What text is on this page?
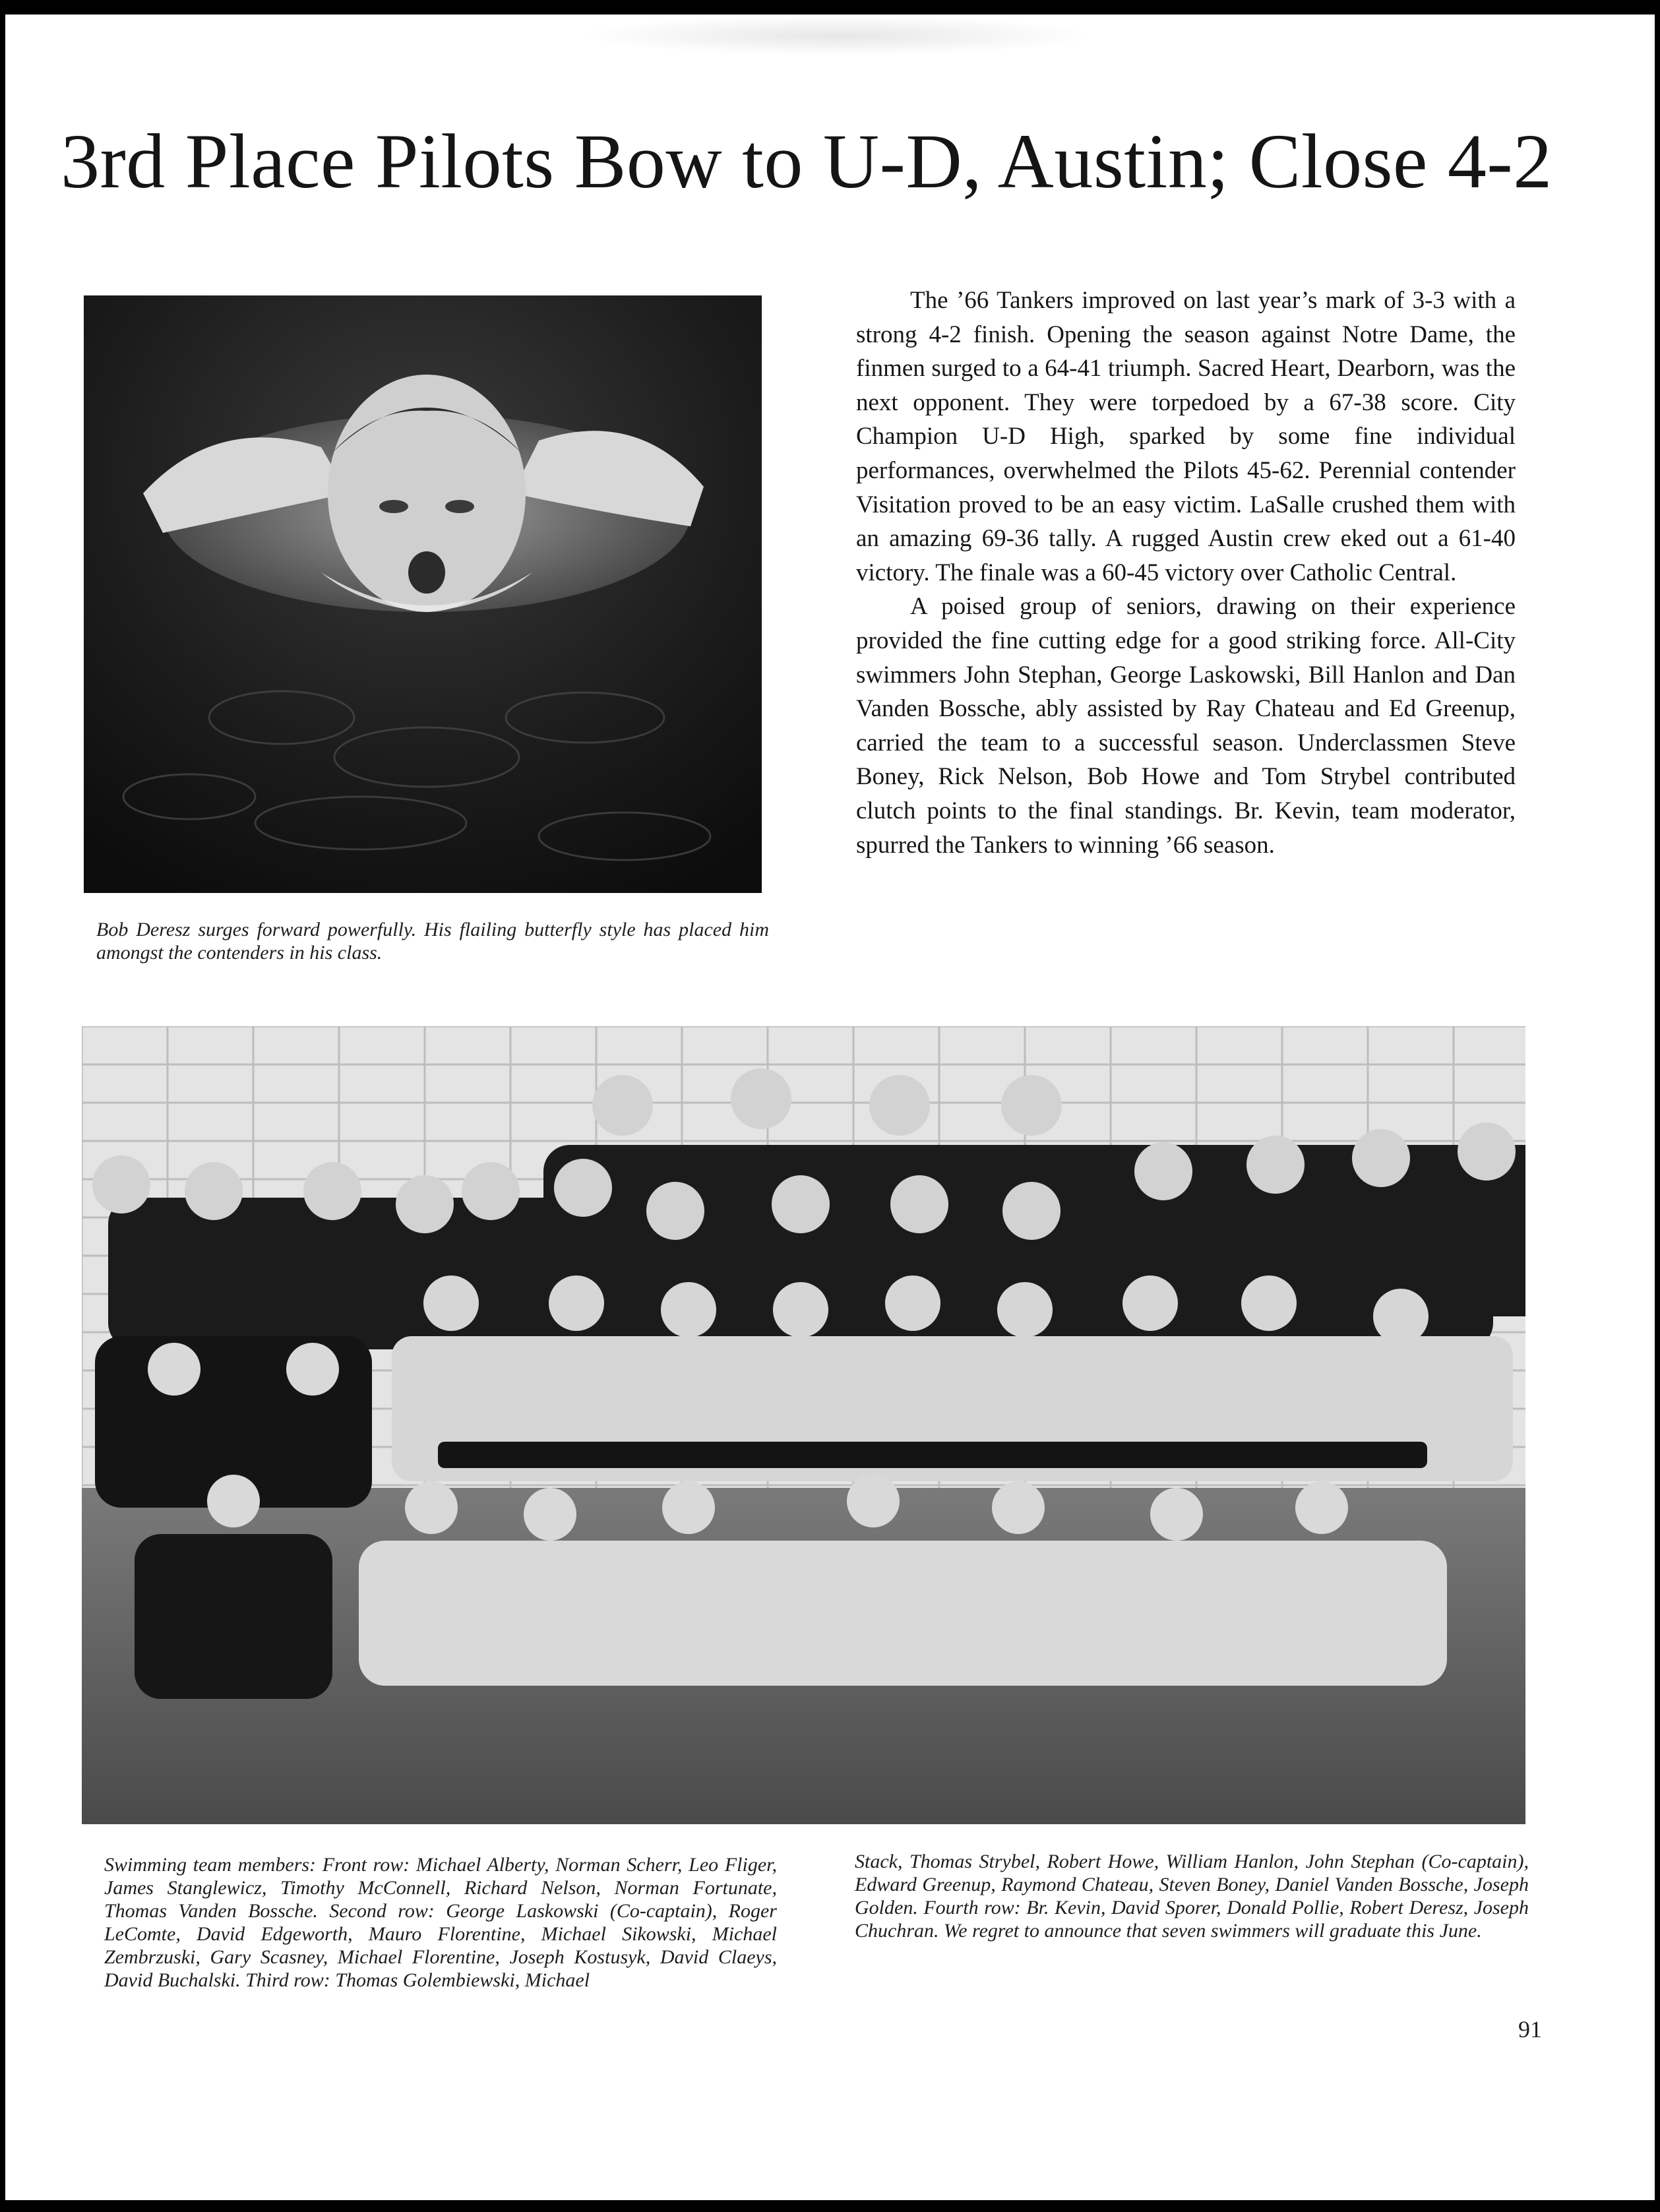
3rd Place Pilots Bow to U-D, Austin; Close 4-2
Bob Deresz surges forward powerfully. His flailing butterfly style has placed him amongst the contenders in his class.

The ’66 Tankers improved on last year’s mark of 3-3 with a strong 4-2 finish. Opening the season against Notre Dame, the finmen surged to a 64-41 triumph. Sacred Heart, Dearborn, was the next opponent. They were torpedoed by a 67-38 score. City Champion U-D High, sparked by some fine individual performances, overwhelmed the Pilots 45-62. Perennial contender Visitation proved to be an easy victim. LaSalle crushed them with an amazing 69-36 tally. A rugged Austin crew eked out a 61-40 victory. The finale was a 60-45 victory over Catholic Central.

A poised group of seniors, drawing on their experience provided the fine cutting edge for a good striking force. All-City swimmers John Stephan, George Laskowski, Bill Hanlon and Dan Vanden Bossche, ably assisted by Ray Chateau and Ed Greenup, carried the team to a successful season. Underclassmen Steve Boney, Rick Nelson, Bob Howe and Tom Strybel contributed clutch points to the final standings. Br. Kevin, team moderator, spurred the Tankers to winning ’66 season.

Swimming team members: Front row: Michael Alberty, Norman Scherr, Leo Fliger, James Stanglewicz, Timothy McConnell, Richard Nelson, Norman Fortunate, Thomas Vanden Bossche. Second row: George Laskowski (Co-captain), Roger LeComte, David Edgeworth, Mauro Florentine, Michael Sikowski, Michael Zembrzuski, Gary Scasney, Michael Florentine, Joseph Kostusyk, David Claeys, David Buchalski. Third row: Thomas Golembiewski, Michael
Stack, Thomas Strybel, Robert Howe, William Hanlon, John Stephan (Co-captain), Edward Greenup, Raymond Chateau, Steven Boney, Daniel Vanden Bossche, Joseph Golden. Fourth row: Br. Kevin, David Sporer, Donald Pollie, Robert Deresz, Joseph Chuchran. We regret to announce that seven swimmers will graduate this June.
91
